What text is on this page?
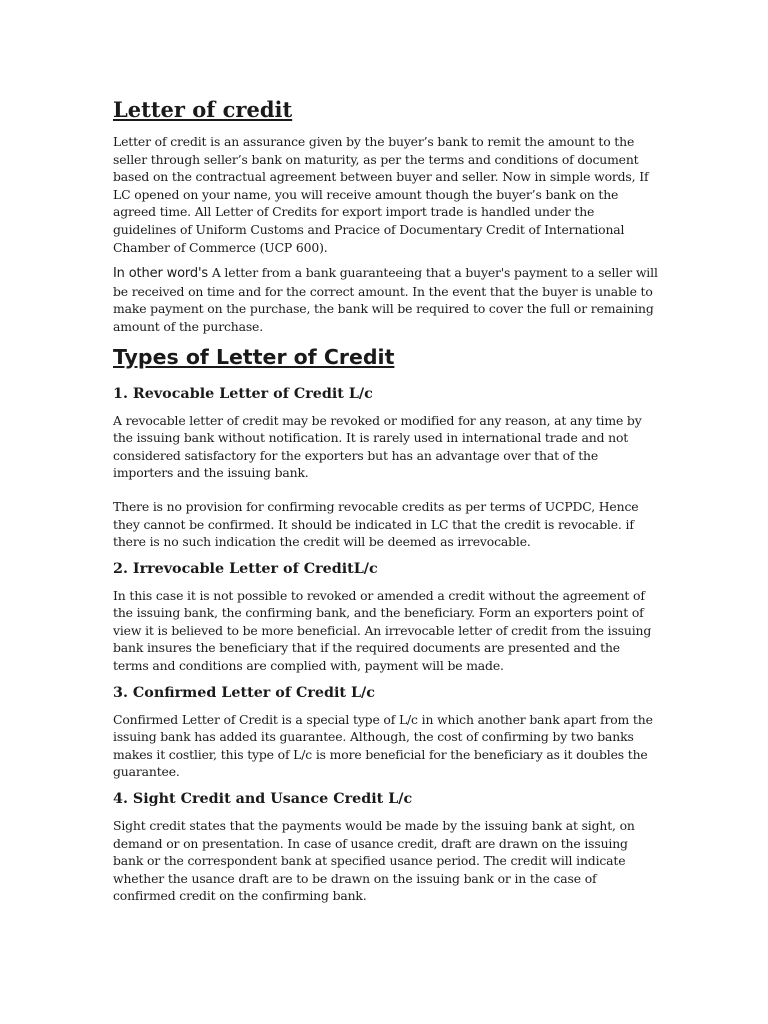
Letter of credit

Letter of credit is an assurance given by the buyer’s bank to remit the amount to the seller through seller’s bank on maturity, as per the terms and conditions of document based on the contractual agreement between buyer and seller. Now in simple words, If LC opened on your name, you will receive amount though the buyer’s bank on the agreed time. All Letter of Credits for export import trade is handled under the guidelines of Uniform Customs and Pracice of Documentary Credit of International Chamber of Commerce (UCP 600).

In other word's A letter from a bank guaranteeing that a buyer's payment to a seller will be received on time and for the correct amount. In the event that the buyer is unable to make payment on the purchase, the bank will be required to cover the full or remaining amount of the purchase.

Types of Letter of Credit
1. Revocable Letter of Credit L/c

A revocable letter of credit may be revoked or modified for any reason, at any time by the issuing bank without notification. It is rarely used in international trade and not considered satisfactory for the exporters but has an advantage over that of the importers and the issuing bank.

There is no provision for confirming revocable credits as per terms of UCPDC, Hence they cannot be confirmed. It should be indicated in LC that the credit is revocable. if there is no such indication the credit will be deemed as irrevocable.

2. Irrevocable Letter of CreditL/c

In this case it is not possible to revoked or amended a credit without the agreement of the issuing bank, the confirming bank, and the beneficiary. Form an exporters point of view it is believed to be more beneficial. An irrevocable letter of credit from the issuing bank insures the beneficiary that if the required documents are presented and the terms and conditions are complied with, payment will be made.

3. Confirmed Letter of Credit L/c

Confirmed Letter of Credit is a special type of L/c in which another bank apart from the issuing bank has added its guarantee. Although, the cost of confirming by two banks makes it costlier, this type of L/c is more beneficial for the beneficiary as it doubles the guarantee.

4. Sight Credit and Usance Credit L/c

Sight credit states that the payments would be made by the issuing bank at sight, on demand or on presentation. In case of usance credit, draft are drawn on the issuing bank or the correspondent bank at specified usance period. The credit will indicate whether the usance draft are to be drawn on the issuing bank or in the case of confirmed credit on the confirming bank.
